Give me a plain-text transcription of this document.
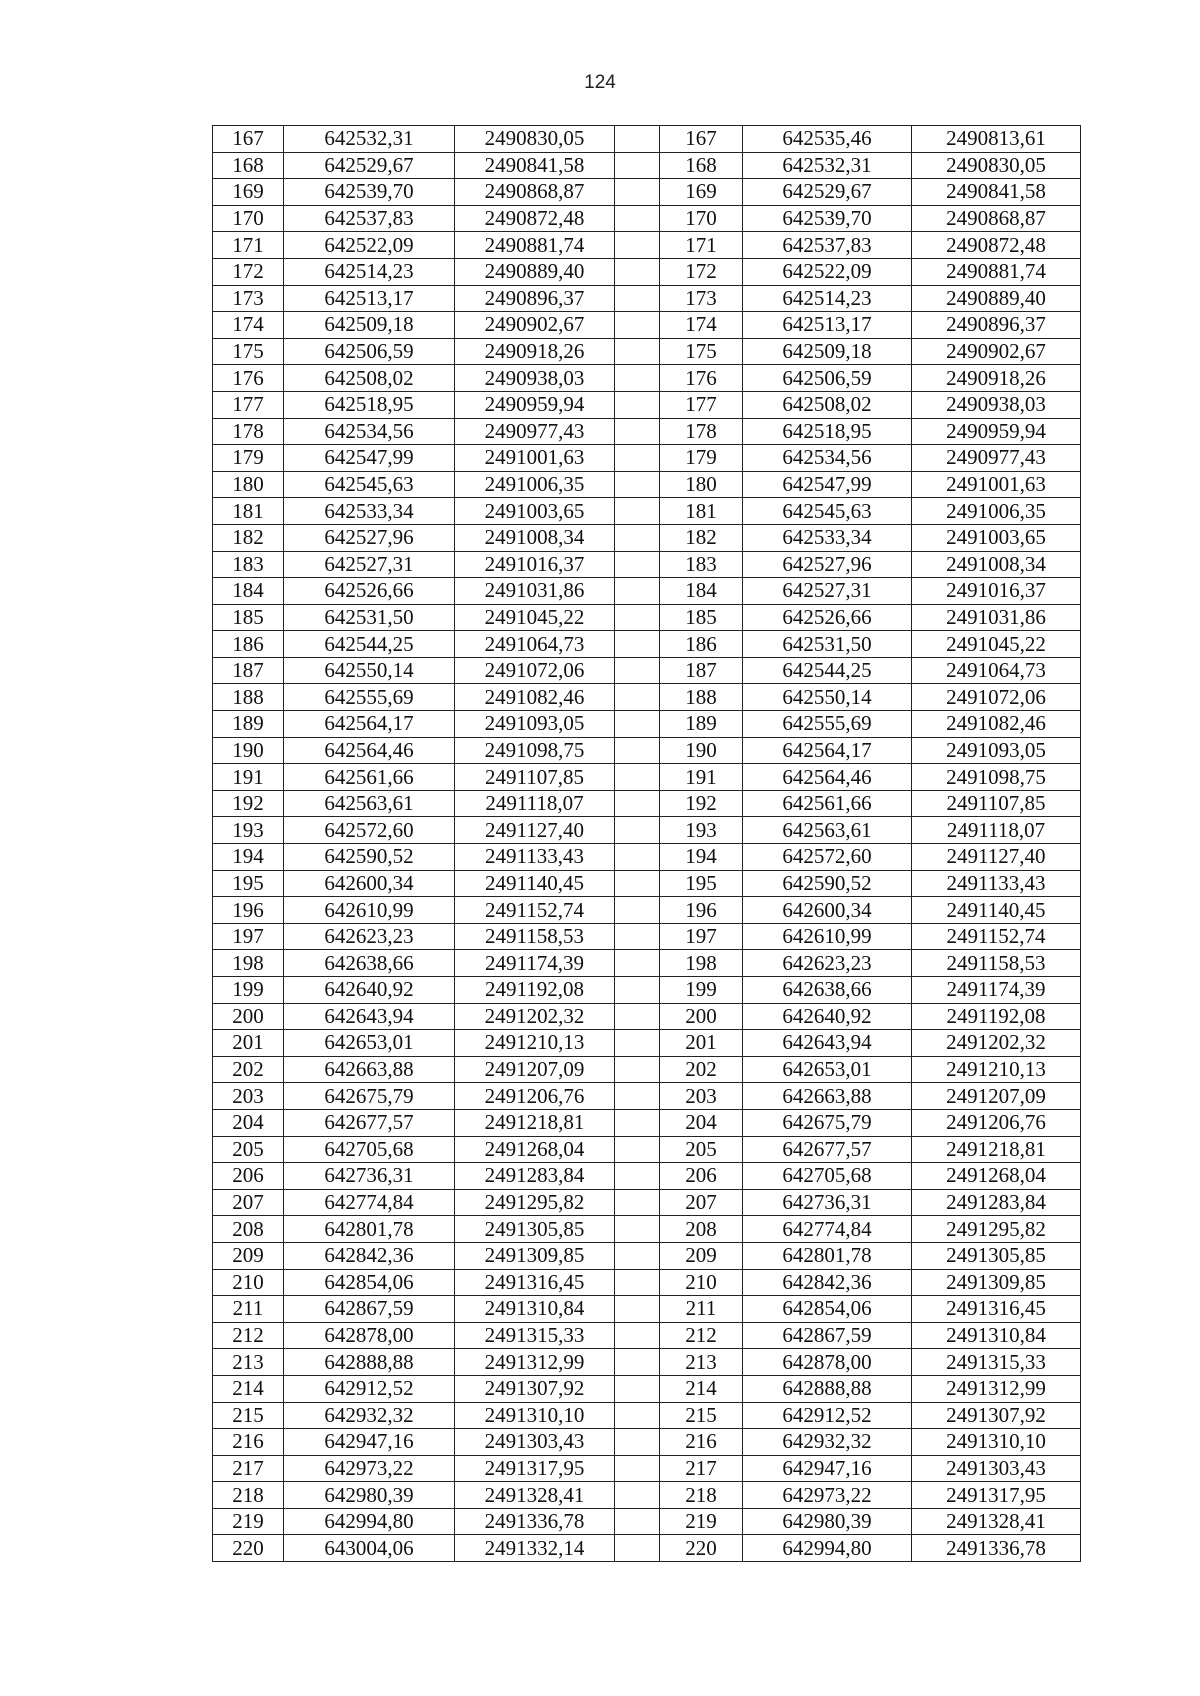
124
167	642532,31	2490830,05		167	642535,46	2490813,61
168	642529,67	2490841,58		168	642532,31	2490830,05
169	642539,70	2490868,87		169	642529,67	2490841,58
170	642537,83	2490872,48		170	642539,70	2490868,87
171	642522,09	2490881,74		171	642537,83	2490872,48
172	642514,23	2490889,40		172	642522,09	2490881,74
173	642513,17	2490896,37		173	642514,23	2490889,40
174	642509,18	2490902,67		174	642513,17	2490896,37
175	642506,59	2490918,26		175	642509,18	2490902,67
176	642508,02	2490938,03		176	642506,59	2490918,26
177	642518,95	2490959,94		177	642508,02	2490938,03
178	642534,56	2490977,43		178	642518,95	2490959,94
179	642547,99	2491001,63		179	642534,56	2490977,43
180	642545,63	2491006,35		180	642547,99	2491001,63
181	642533,34	2491003,65		181	642545,63	2491006,35
182	642527,96	2491008,34		182	642533,34	2491003,65
183	642527,31	2491016,37		183	642527,96	2491008,34
184	642526,66	2491031,86		184	642527,31	2491016,37
185	642531,50	2491045,22		185	642526,66	2491031,86
186	642544,25	2491064,73		186	642531,50	2491045,22
187	642550,14	2491072,06		187	642544,25	2491064,73
188	642555,69	2491082,46		188	642550,14	2491072,06
189	642564,17	2491093,05		189	642555,69	2491082,46
190	642564,46	2491098,75		190	642564,17	2491093,05
191	642561,66	2491107,85		191	642564,46	2491098,75
192	642563,61	2491118,07		192	642561,66	2491107,85
193	642572,60	2491127,40		193	642563,61	2491118,07
194	642590,52	2491133,43		194	642572,60	2491127,40
195	642600,34	2491140,45		195	642590,52	2491133,43
196	642610,99	2491152,74		196	642600,34	2491140,45
197	642623,23	2491158,53		197	642610,99	2491152,74
198	642638,66	2491174,39		198	642623,23	2491158,53
199	642640,92	2491192,08		199	642638,66	2491174,39
200	642643,94	2491202,32		200	642640,92	2491192,08
201	642653,01	2491210,13		201	642643,94	2491202,32
202	642663,88	2491207,09		202	642653,01	2491210,13
203	642675,79	2491206,76		203	642663,88	2491207,09
204	642677,57	2491218,81		204	642675,79	2491206,76
205	642705,68	2491268,04		205	642677,57	2491218,81
206	642736,31	2491283,84		206	642705,68	2491268,04
207	642774,84	2491295,82		207	642736,31	2491283,84
208	642801,78	2491305,85		208	642774,84	2491295,82
209	642842,36	2491309,85		209	642801,78	2491305,85
210	642854,06	2491316,45		210	642842,36	2491309,85
211	642867,59	2491310,84		211	642854,06	2491316,45
212	642878,00	2491315,33		212	642867,59	2491310,84
213	642888,88	2491312,99		213	642878,00	2491315,33
214	642912,52	2491307,92		214	642888,88	2491312,99
215	642932,32	2491310,10		215	642912,52	2491307,92
216	642947,16	2491303,43		216	642932,32	2491310,10
217	642973,22	2491317,95		217	642947,16	2491303,43
218	642980,39	2491328,41		218	642973,22	2491317,95
219	642994,80	2491336,78		219	642980,39	2491328,41
220	643004,06	2491332,14		220	642994,80	2491336,78
